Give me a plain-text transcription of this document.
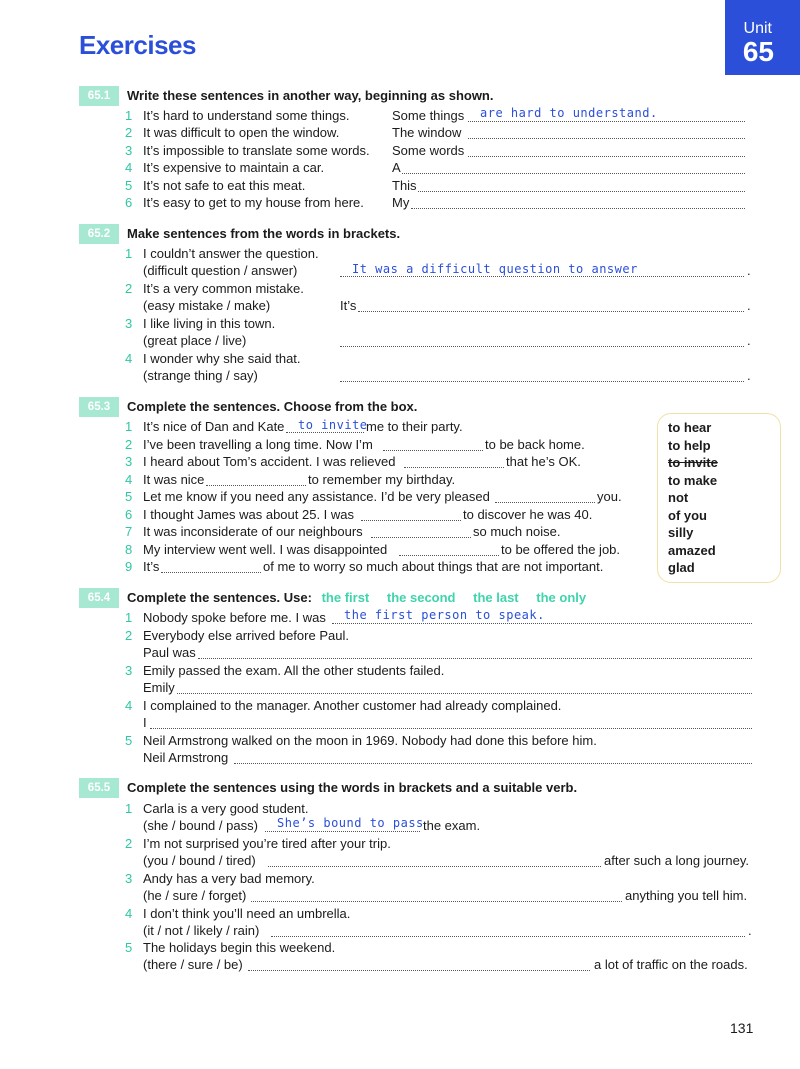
Exercises
Unit
65
65.1	Write these sentences in another way, beginning as shown.
1 It’s hard to understand some things.	Some things are hard to understand.
2 It was difficult to open the window.	The window
3 It’s impossible to translate some words. Some words
4 It’s expensive to maintain a car.	A
5 It’s not safe to eat this meat.	This
6 It’s easy to get to my house from here. My
65.2	Make sentences from the words in brackets.
1 I couldn’t answer the question.
(difficult question / answer)	It was a difficult question to answer	.
2 It’s a very common mistake.
(easy mistake / make)	It’s	.
3 I like living in this town.
(great place / live)	.
4 I wonder why she said that.
(strange thing / say)	.
65.3	Complete the sentences. Choose from the box.
1 It’s nice of Dan and Kate to invite
me to their party.
2 I’ve been travelling a long time. Now I’m	to be back home.
3 I heard about Tom’s accident. I was relieved	that he’s OK.
4 It was nice	to remember my birthday.
5 Let me know if you need any assistance. I’d be very pleased	you.
6 I thought James was about 25. I was	to discover he was 40.
7 It was inconsiderate of our neighbours	so much noise.
8 My interview went well. I was disappointed	to be offered the job.
9 It’s	of me to worry so much about things that are not important.
to hear
to help
to invite
to make
not
of you
silly
amazed
glad
65.4	Complete the sentences. Use: the first the second the last the only
1 Nobody spoke before me. I was the first person to speak.
2 Everybody else arrived before Paul.
Paul was
3 Emily passed the exam. All the other students failed.
Emily
4 I complained to the manager. Another customer had already complained.
I
5 Neil Armstrong walked on the moon in 1969. Nobody had done this before him.
Neil Armstrong
65.5	Complete the sentences using the words in brackets and a suitable verb.
1 Carla is a very good student.
(she / bound / pass) She’s bound to pass the exam.
2 I’m not surprised you’re tired after your trip.
(you / bound / tired)	after such a long journey.
3 Andy has a very bad memory.
(he / sure / forget)	anything you tell him.
4 I don’t think you’ll need an umbrella.
(it / not / likely / rain)	.
5 The holidays begin this weekend.
(there / sure / be)	a lot of traffic on the roads.
131
